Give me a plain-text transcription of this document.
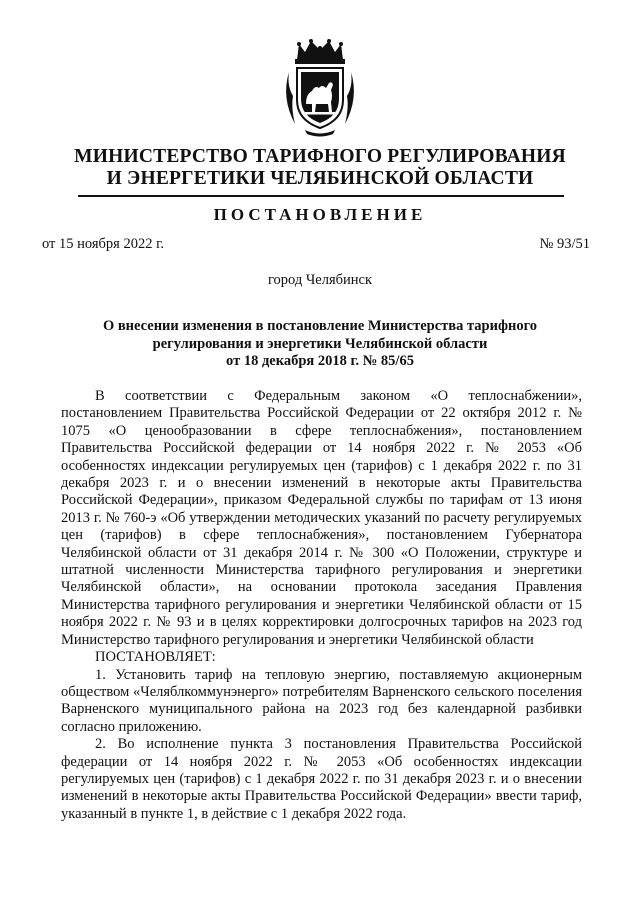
МИНИСТЕРСТВО ТАРИФНОГО РЕГУЛИРОВАНИЯ
И ЭНЕРГЕТИКИ ЧЕЛЯБИНСКОЙ ОБЛАСТИ
ПОСТАНОВЛЕНИЕ
от 15 ноября 2022 г.	№ 93/51
город Челябинск
О внесении изменения в постановление Министерства тарифного
регулирования и энергетики Челябинской области
от 18 декабря 2018 г. № 85/65

В соответствии с Федеральным законом «О теплоснабжении», постановлением Правительства Российской Федерации от 22 октября 2012 г. № 1075 «О ценообразовании в сфере теплоснабжения», постановлением Правительства Российской федерации от 14 ноября 2022 г. № 2053 «Об особенностях индексации регулируемых цен (тарифов) с 1 декабря 2022 г. по 31 декабря 2023 г. и о внесении изменений в некоторые акты Правительства Российской Федерации», приказом Федеральной службы по тарифам от 13 июня 2013 г. № 760-э «Об утверждении методических указаний по расчету регулируемых цен (тарифов) в сфере теплоснабжения», постановлением Губернатора Челябинской области от 31 декабря 2014 г. № 300 «О Положении, структуре и штатной численности Министерства тарифного регулирования и энергетики Челябинской области», на основании протокола заседания Правления Министерства тарифного регулирования и энергетики Челябинской области от 15 ноября 2022 г. № 93 и в целях корректировки долгосрочных тарифов на 2023 год Министерство тарифного регулирования и энергетики Челябинской области

ПОСТАНОВЛЯЕТ:

1. Установить тариф на тепловую энергию, поставляемую акционерным обществом «Челяблкоммунэнерго» потребителям Варненского сельского поселения Варненского муниципального района на 2023 год без календарной разбивки согласно приложению.

2. Во исполнение пункта 3 постановления Правительства Российской федерации от 14 ноября 2022 г. № 2053 «Об особенностях индексации регулируемых цен (тарифов) с 1 декабря 2022 г. по 31 декабря 2023 г. и о внесении изменений в некоторые акты Правительства Российской Федерации» ввести тариф, указанный в пункте 1, в действие с 1 декабря 2022 года.
